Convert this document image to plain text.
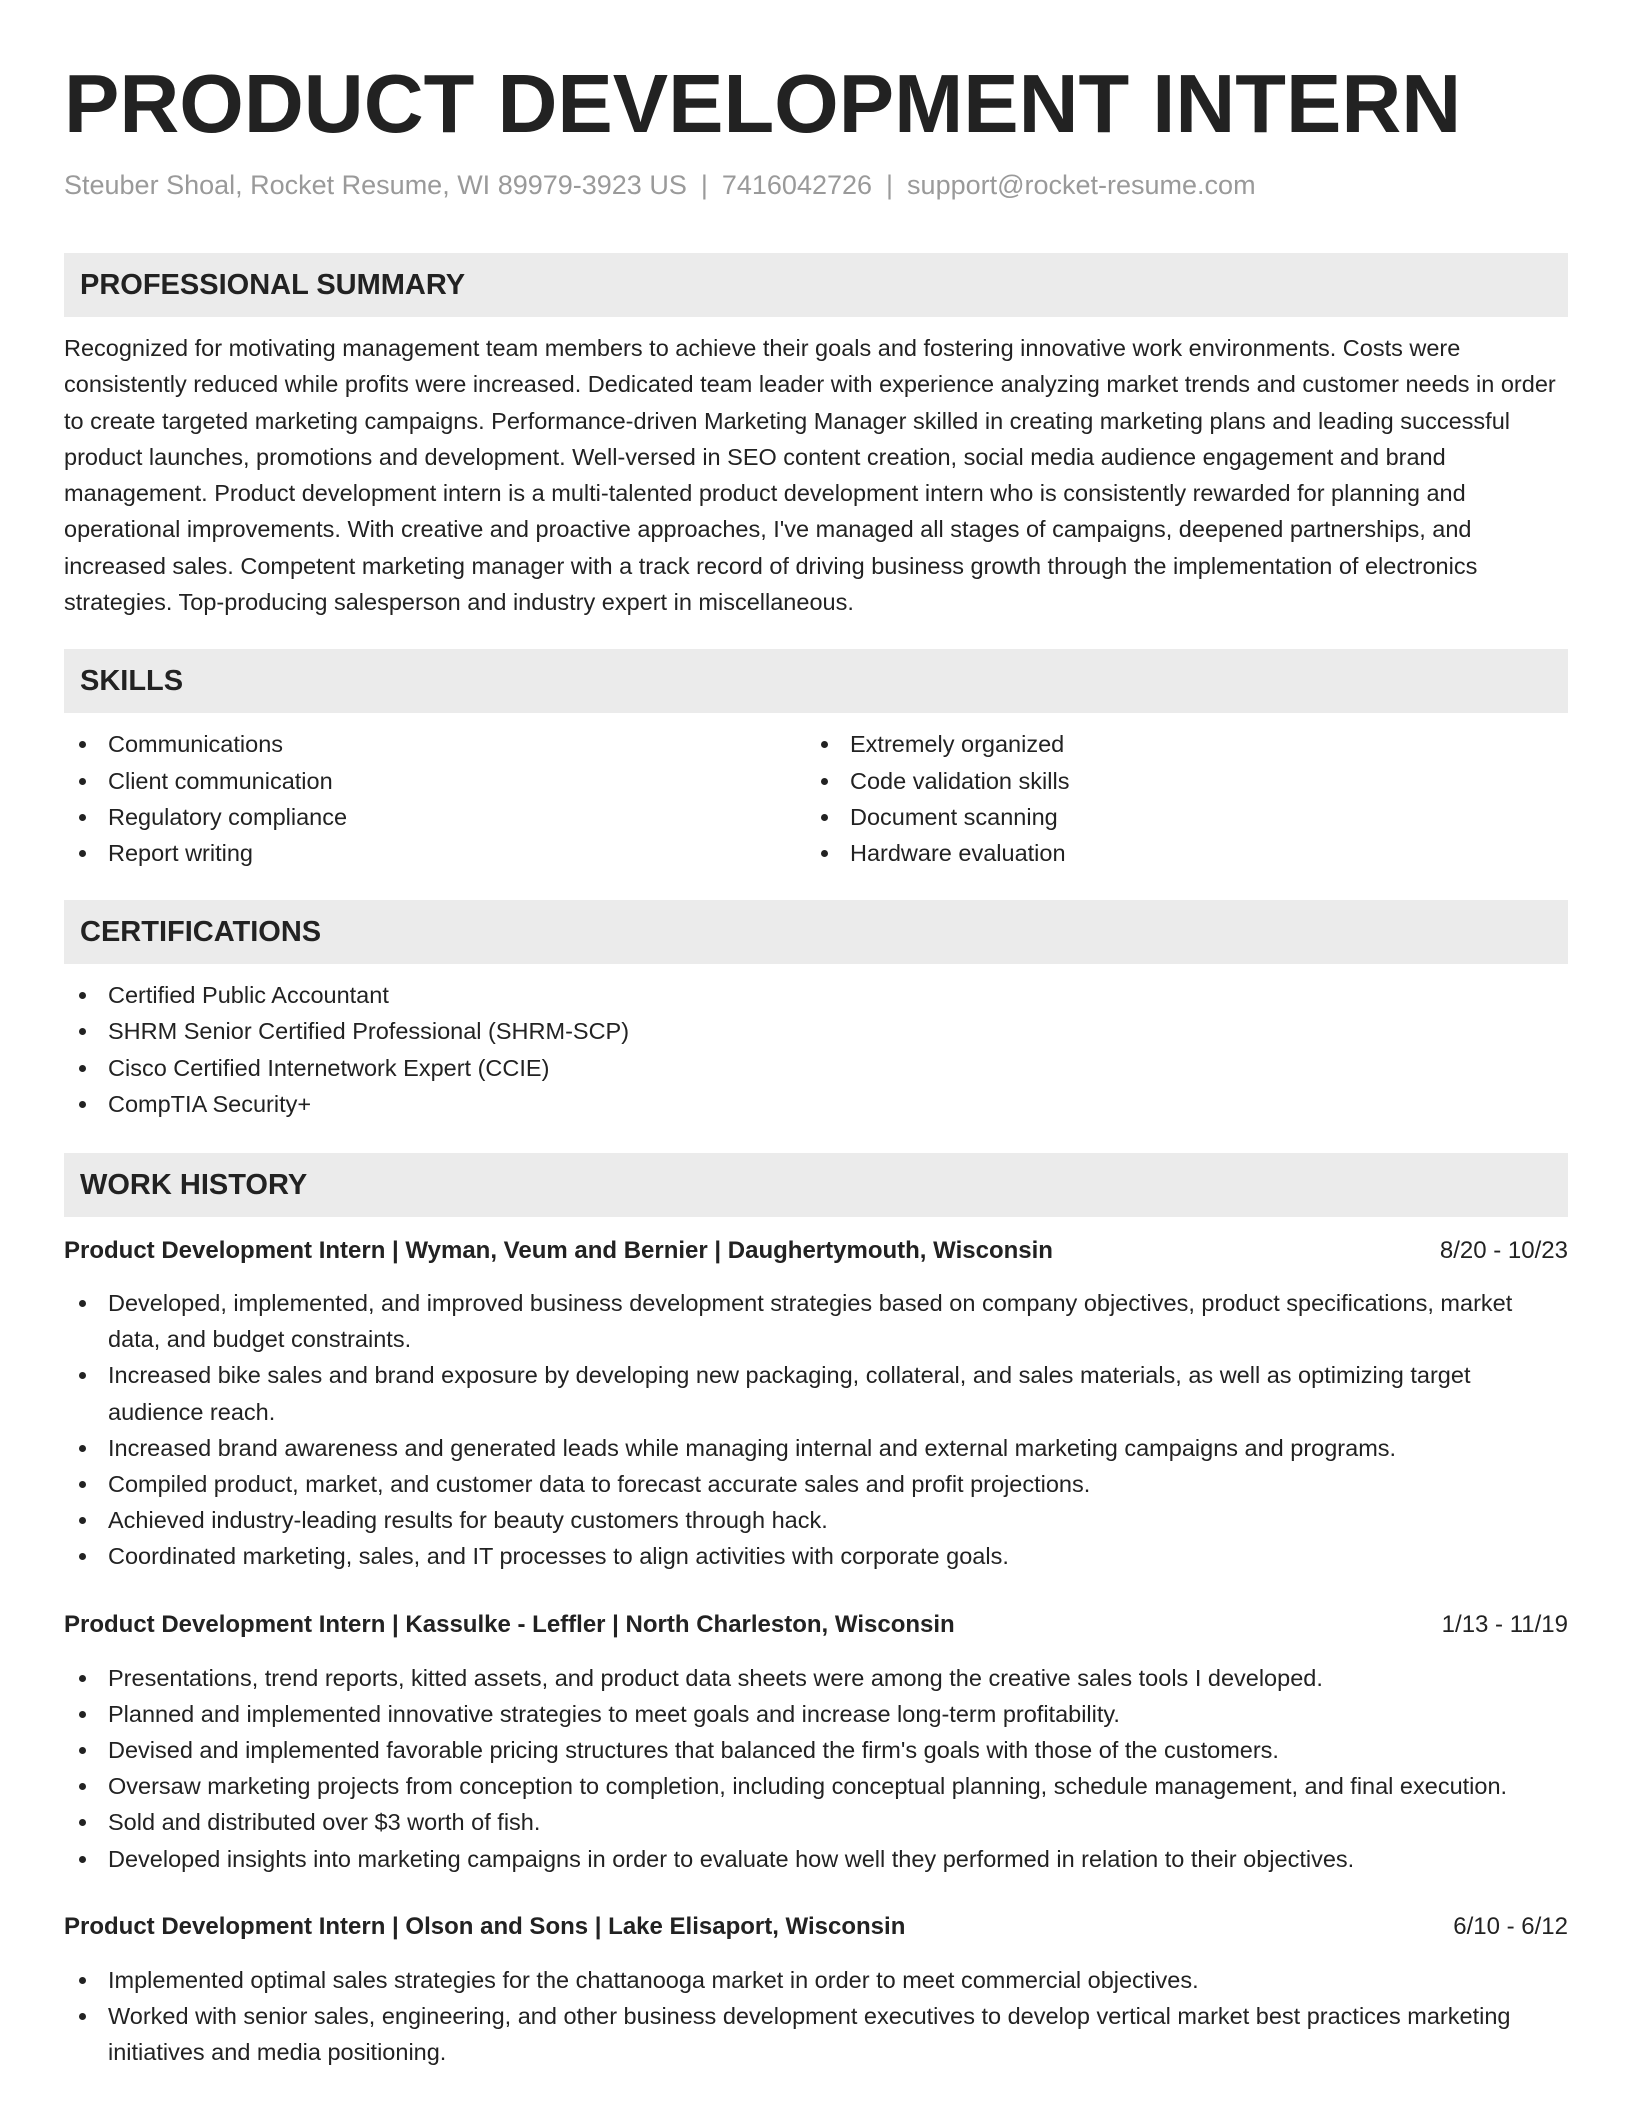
PRODUCT DEVELOPMENT INTERN
Steuber Shoal, Rocket Resume, WI 89979-3923 US | 7416042726 | support@rocket-resume.com
PROFESSIONAL SUMMARY

Recognized for motivating management team members to achieve their goals and fostering innovative work environments. Costs were consistently reduced while profits were increased. Dedicated team leader with experience analyzing market trends and customer needs in order to create targeted marketing campaigns. Performance-driven Marketing Manager skilled in creating marketing plans and leading successful product launches, promotions and development. Well-versed in SEO content creation, social media audience engagement and brand management. Product development intern is a multi-talented product development intern who is consistently rewarded for planning and operational improvements. With creative and proactive approaches, I've managed all stages of campaigns, deepened partnerships, and increased sales. Competent marketing manager with a track record of driving business growth through the implementation of electronics strategies. Top-producing salesperson and industry expert in miscellaneous.

SKILLS
Communications
Client communication
Regulatory compliance
Report writing
Extremely organized
Code validation skills
Document scanning
Hardware evaluation
CERTIFICATIONS
Certified Public Accountant
SHRM Senior Certified Professional (SHRM-SCP)
Cisco Certified Internetwork Expert (CCIE)
CompTIA Security+
WORK HISTORY
Product Development Intern | Wyman, Veum and Bernier | Daughertymouth, Wisconsin	8/20 - 10/23
Developed, implemented, and improved business development strategies based on company objectives, product specifications, market data, and budget constraints.
Increased bike sales and brand exposure by developing new packaging, collateral, and sales materials, as well as optimizing target audience reach.
Increased brand awareness and generated leads while managing internal and external marketing campaigns and programs.
Compiled product, market, and customer data to forecast accurate sales and profit projections.
Achieved industry-leading results for beauty customers through hack.
Coordinated marketing, sales, and IT processes to align activities with corporate goals.
Product Development Intern | Kassulke - Leffler | North Charleston, Wisconsin	1/13 - 11/19
Presentations, trend reports, kitted assets, and product data sheets were among the creative sales tools I developed.
Planned and implemented innovative strategies to meet goals and increase long-term profitability.
Devised and implemented favorable pricing structures that balanced the firm's goals with those of the customers.
Oversaw marketing projects from conception to completion, including conceptual planning, schedule management, and final execution.
Sold and distributed over $3 worth of fish.
Developed insights into marketing campaigns in order to evaluate how well they performed in relation to their objectives.
Product Development Intern | Olson and Sons | Lake Elisaport, Wisconsin	6/10 - 6/12
Implemented optimal sales strategies for the chattanooga market in order to meet commercial objectives.
Worked with senior sales, engineering, and other business development executives to develop vertical market best practices marketing initiatives and media positioning.
